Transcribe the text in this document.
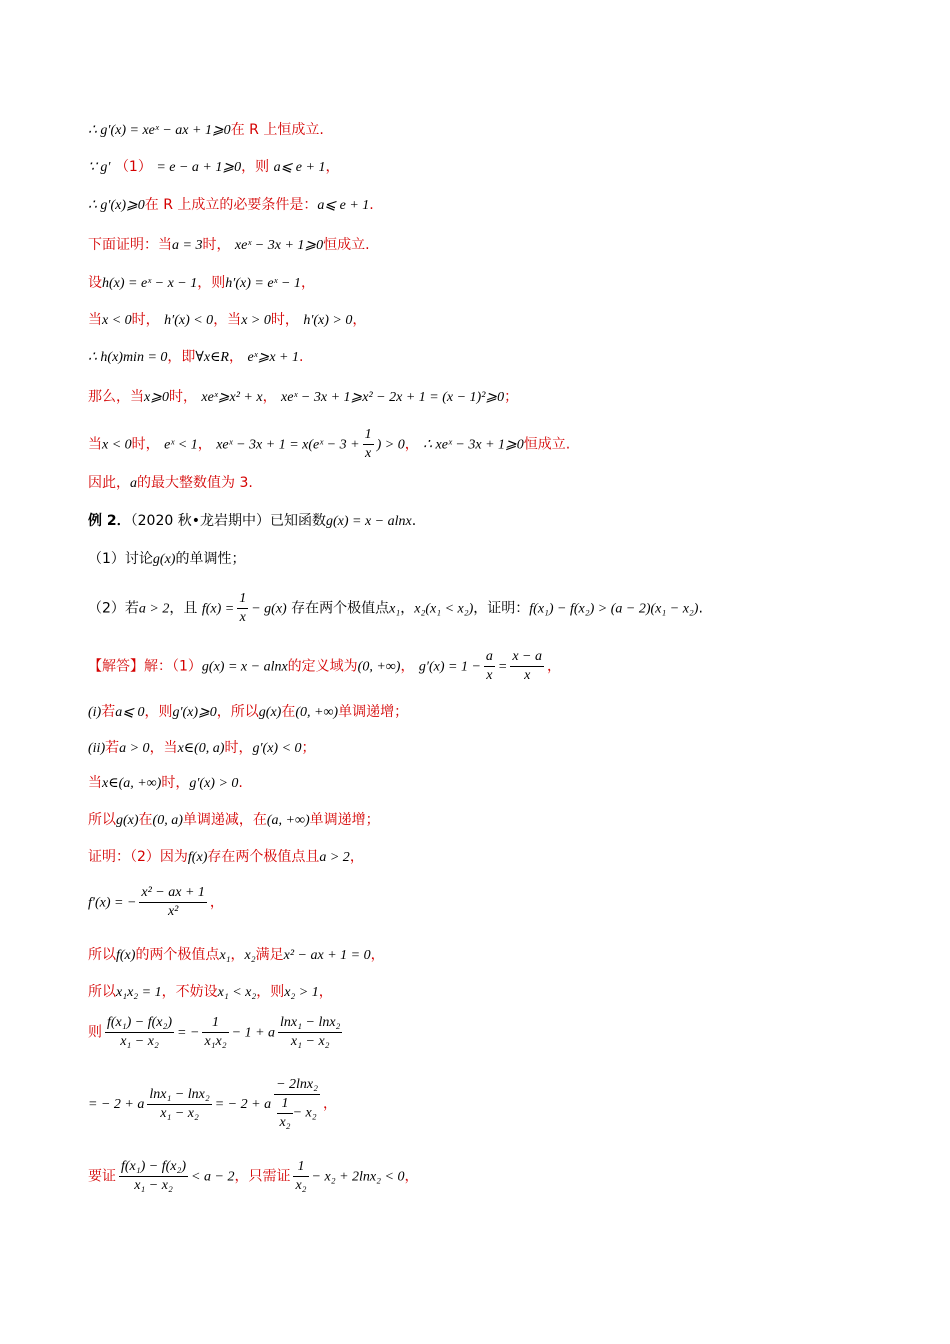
∴ g′(x) = xeˣ − ax + 1⩾0在 R 上恒成立.
∵ g′ （1） = e − a + 1⩾0，则 a⩽ e + 1，
∴ g′(x)⩾0在 R 上成立的必要条件是：a⩽ e + 1.
下面证明：当a = 3时， xeˣ − 3x + 1⩾0恒成立.
设h(x) = eˣ − x − 1，则h′(x) = eˣ − 1，
当x < 0时， h′(x) < 0，当x > 0时， h′(x) > 0，
∴ h(x)min = 0，即∀x∈R， eˣ⩾x + 1.
那么，当x⩾0时， xeˣ⩾x² + x， xeˣ − 3x + 1⩾x² − 2x + 1 = (x − 1)²⩾0；
当x < 0时， eˣ < 1， xeˣ − 3x + 1 = x(eˣ − $3 + \frac{1}{x}$ ) > 0， ∴ xeˣ − 3x + 1⩾0恒成立.
因此，a的最大整数值为 3.
例 2．（2020 秋•龙岩期中）已知函数g(x) = x − alnx.
（1）讨论g(x)的单调性；
（2）若a > 2，且 $f(x) = \frac{1}{x} - g(x)$ 存在两个极值点x₁，x₂(x₁ < x₂)，证明：f(x₁) − f(x₂) > (a − 2)(x₁ − x₂).
【解答】解：（1）g(x) = x − alnx的定义域为(0, +∞)， $g'(x) = 1 - \frac{a}{x} = \frac{x - a}{x}$ ，
(i)若a⩽ 0，则g′(x)⩾0，所以g(x)在(0, +∞)单调递增；
(ii)若a > 0，当x∈(0, a)时，g′(x) < 0；
当x∈(a, +∞)时，g′(x) > 0.
所以g(x)在(0, a)单调递减，在(a, +∞)单调递增；
证明：（2）因为f(x)存在两个极值点且a > 2，
f′(x) = − $\frac{\text{x² − ax + 1}}{\text{x²}}$ ，
所以f(x)的两个极值点x₁，x₂满足x² − ax + 1 = 0，
所以x₁x₂ = 1，不妨设x₁ < x₂，则x₂ > 1，
则 $\frac{\text{f(x₁) − f(x₂)}}{\text{x₁ − x₂}}$ = − $\frac{1}{\text{x₁x₂}} - 1 + a \frac{\text{lnx₁ − lnx₂}}{\text{x₁ − x₂}}$
= − 2 + a $\frac{\text{lnx₁ − lnx₂}}{\text{x₁ − x₂}}$ = − 2 + a $\frac{\text{− 2lnx₂}}{\frac{1}{\text{x₂}} - x_2}$ ，
要证 $\frac{\text{f(x₁) − f(x₂)}}{\text{x₁ − x₂}} < a - 2$，只需证 $\frac{1}{\text{x₂}} - x_2 + 2\ln x_2 < 0$，
